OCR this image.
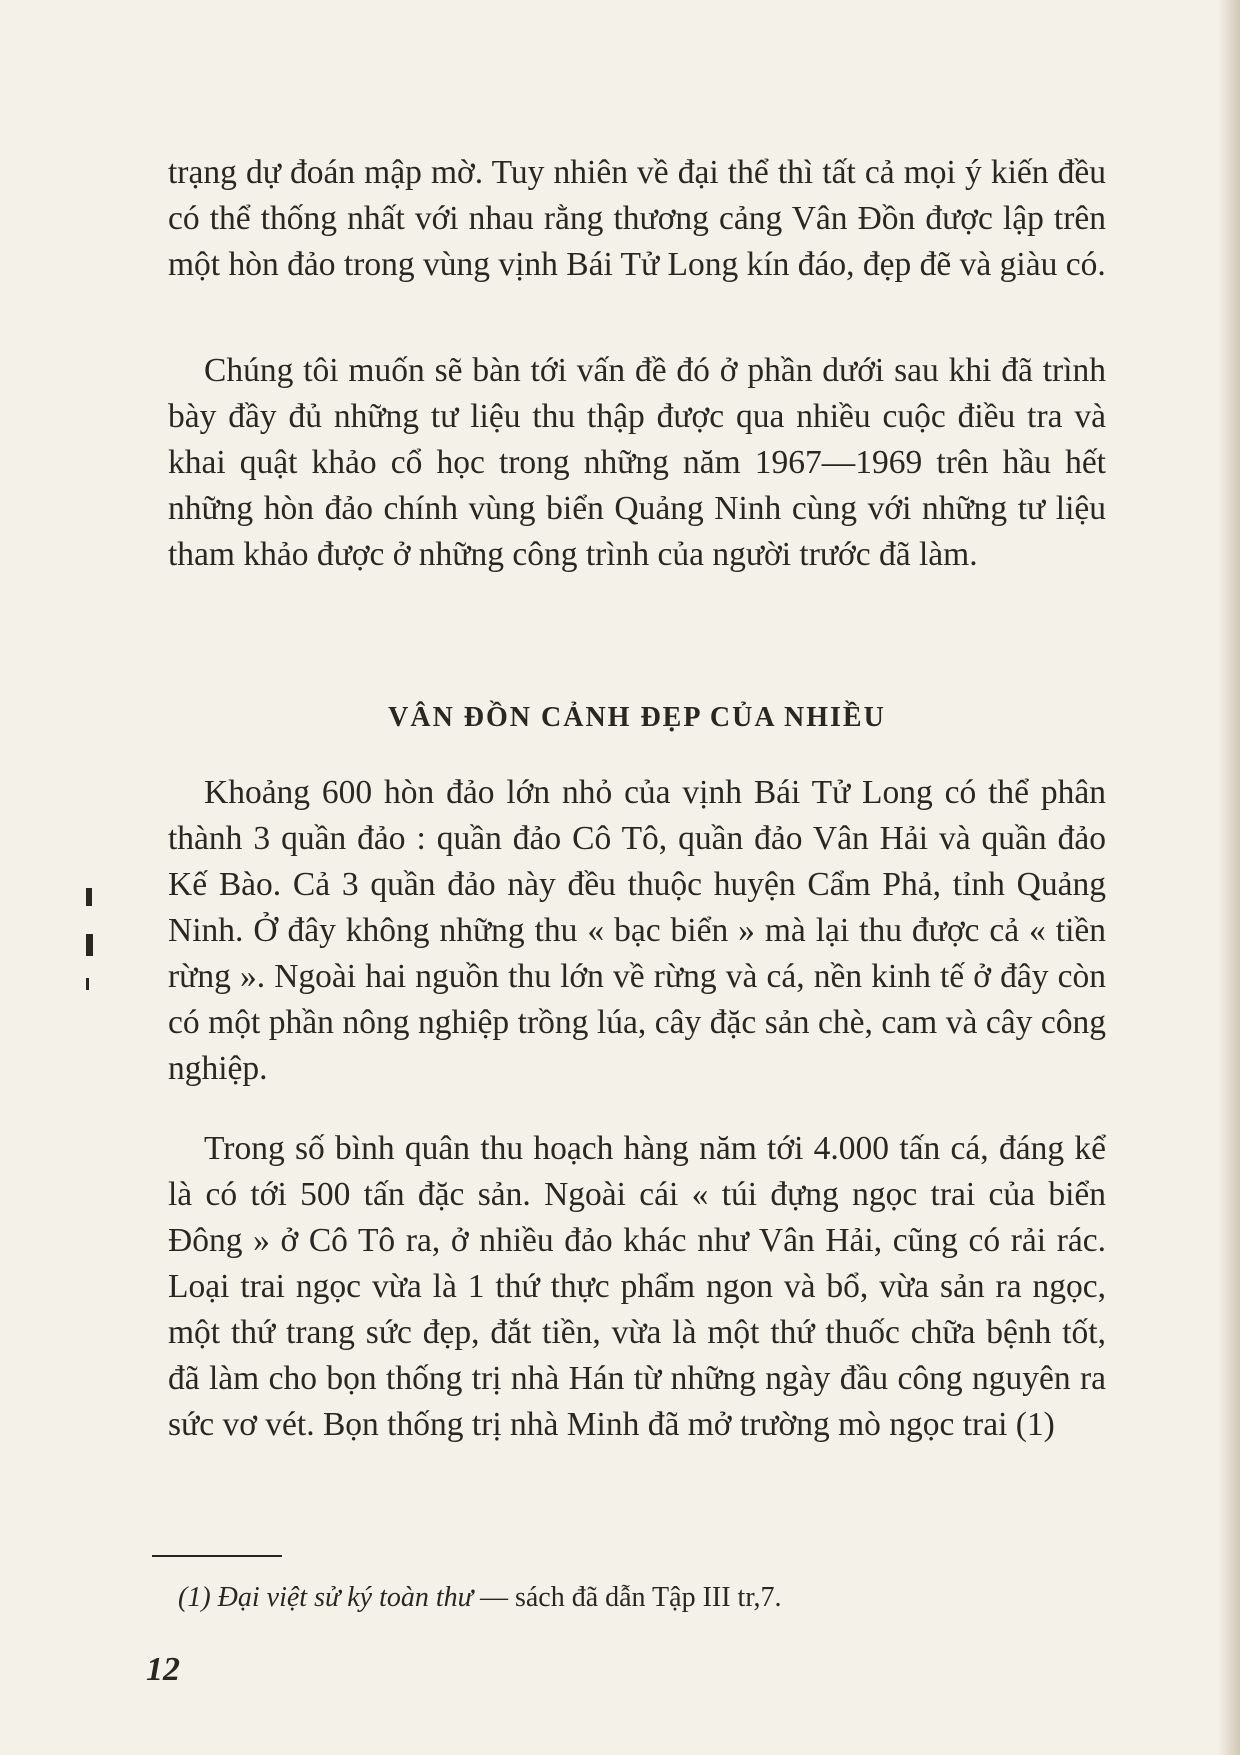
trạng dự đoán mập mờ. Tuy nhiên về đại thể thì tất cả mọi ý kiến đều có thể thống nhất với nhau rằng thương cảng Vân Đồn được lập trên một hòn đảo trong vùng vịnh Bái Tử Long kín đáo, đẹp đẽ và giàu có.

Chúng tôi muốn sẽ bàn tới vấn đề đó ở phần dưới sau khi đã trình bày đầy đủ những tư liệu thu thập được qua nhiều cuộc điều tra và khai quật khảo cổ học trong những năm 1967—1969 trên hầu hết những hòn đảo chính vùng biển Quảng Ninh cùng với những tư liệu tham khảo được ở những công trình của người trước đã làm.

VÂN ĐỒN CẢNH ĐẸP CỦA NHIỀU

Khoảng 600 hòn đảo lớn nhỏ của vịnh Bái Tử Long có thể phân thành 3 quần đảo : quần đảo Cô Tô, quần đảo Vân Hải và quần đảo Kế Bào. Cả 3 quần đảo này đều thuộc huyện Cẩm Phả, tỉnh Quảng Ninh. Ở đây không những thu « bạc biển » mà lại thu được cả « tiền rừng ». Ngoài hai nguồn thu lớn về rừng và cá, nền kinh tế ở đây còn có một phần nông nghiệp trồng lúa, cây đặc sản chè, cam và cây công nghiệp.

Trong số bình quân thu hoạch hàng năm tới 4.000 tấn cá, đáng kể là có tới 500 tấn đặc sản. Ngoài cái « túi đựng ngọc trai của biển Đông » ở Cô Tô ra, ở nhiều đảo khác như Vân Hải, cũng có rải rác. Loại trai ngọc vừa là 1 thứ thực phẩm ngon và bổ, vừa sản ra ngọc, một thứ trang sức đẹp, đắt tiền, vừa là một thứ thuốc chữa bệnh tốt, đã làm cho bọn thống trị nhà Hán từ những ngày đầu công nguyên ra sức vơ vét. Bọn thống trị nhà Minh đã mở trường mò ngọc trai (1)

(1) Đại việt sử ký toàn thư — sách đã dẫn Tập III tr,7.
12
